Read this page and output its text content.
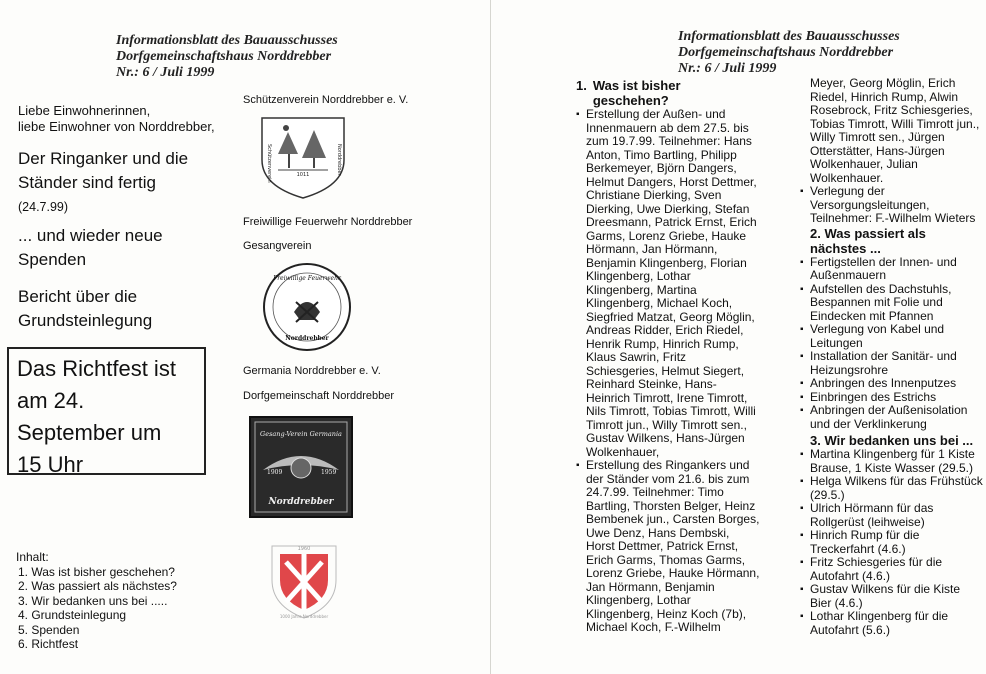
Informationsblatt des Bauausschusses
Dorfgemeinschaftshaus Norddrebber
Nr.: 6 / Juli 1999
Informationsblatt des Bauausschusses
Dorfgemeinschaftshaus Norddrebber
Nr.: 6 / Juli 1999
Liebe Einwohnerinnen,
liebe Einwohner von Norddrebber,
Der Ringanker und die
Ständer sind fertig
(24.7.99)
... und wieder neue
Spenden
Bericht über die
Grundsteinlegung
Das Richtfest ist
am 24.
September um
15 Uhr
Inhalt:
1. Was ist bisher geschehen?
2. Was passiert als nächstes?
3. Wir bedanken uns bei .....
4. Grundsteinlegung
5. Spenden
6. Richtfest
Schützenverein Norddrebber e. V.
Freiwillige Feuerwehr Norddrebber
Gesangverein
Germania Norddrebber e. V.
Dorfgemeinschaft Norddrebber
1011
Schützenverein	Norddrebber
Freiwillige Feuerwehr
Norddrebber
Gesang-Verein Germania
1909	1959
Norddrebber
1960
1000 Jahre Norddrebber
1. Was ist bisher geschehen?
▪ Erstellung der Außen- und
Innenmauern ab dem 27.5. bis
zum 19.7.99. Teilnehmer: Hans
Anton, Timo Bartling, Philipp
Berkemeyer, Björn Dangers,
Helmut Dangers, Horst Dettmer,
Christiane Dierking, Sven
Dierking, Uwe Dierking, Stefan
Dreesmann, Patrick Ernst, Erich
Garms, Lorenz Griebe, Hauke
Hörmann, Jan Hörmann,
Benjamin Klingenberg, Florian
Klingenberg, Lothar
Klingenberg, Martina
Klingenberg, Michael Koch,
Siegfried Matzat, Georg Möglin,
Andreas Ridder, Erich Riedel,
Henrik Rump, Hinrich Rump,
Klaus Sawrin, Fritz
Schiesgeries, Helmut Siegert,
Reinhard Steinke, Hans-
Heinrich Timrott, Irene Timrott,
Nils Timrott, Tobias Timrott, Willi
Timrott jun., Willy Timrott sen.,
Gustav Wilkens, Hans-Jürgen
Wolkenhauer,
▪ Erstellung des Ringankers und
der Ständer vom 21.6. bis zum
24.7.99. Teilnehmer: Timo
Bartling, Thorsten Belger, Heinz
Bembenek jun., Carsten Borges,
Uwe Denz, Hans Dembski,
Horst Dettmer, Patrick Ernst,
Erich Garms, Thomas Garms,
Lorenz Griebe, Hauke Hörmann,
Jan Hörmann, Benjamin
Klingenberg, Lothar
Klingenberg, Heinz Koch (7b),
Michael Koch, F.-Wilhelm
Meyer, Georg Möglin, Erich
Riedel, Hinrich Rump, Alwin
Rosebrock, Fritz Schiesgeries,
Tobias Timrott, Willi Timrott jun.,
Willy Timrott sen., Jürgen
Otterstätter, Hans-Jürgen
Wolkenhauer, Julian
Wolkenhauer.
▪ Verlegung der
Versorgungsleitungen,
Teilnehmer: F.-Wilhelm Wieters
2. Was passiert als
nächstes ...
▪ Fertigstellen der Innen- und
Außenmauern
▪ Aufstellen des Dachstuhls,
Bespannen mit Folie und
Eindecken mit Pfannen
▪ Verlegung von Kabel und
Leitungen
▪ Installation der Sanitär- und
Heizungsrohre
▪ Anbringen des Innenputzes
▪ Einbringen des Estrichs
▪ Anbringen der Außenisolation
und der Verklinkerung
3. Wir bedanken uns bei ...
▪ Martina Klingenberg für 1 Kiste
Brause, 1 Kiste Wasser (29.5.)
▪ Helga Wilkens für das Frühstück
(29.5.)
▪ Ulrich Hörmann für das
Rollgerüst (leihweise)
▪ Hinrich Rump für die
Treckerfahrt (4.6.)
▪ Fritz Schiesgeries für die
Autofahrt (4.6.)
▪ Gustav Wilkens für die Kiste
Bier (4.6.)
▪ Lothar Klingenberg für die
Autofahrt (5.6.)
